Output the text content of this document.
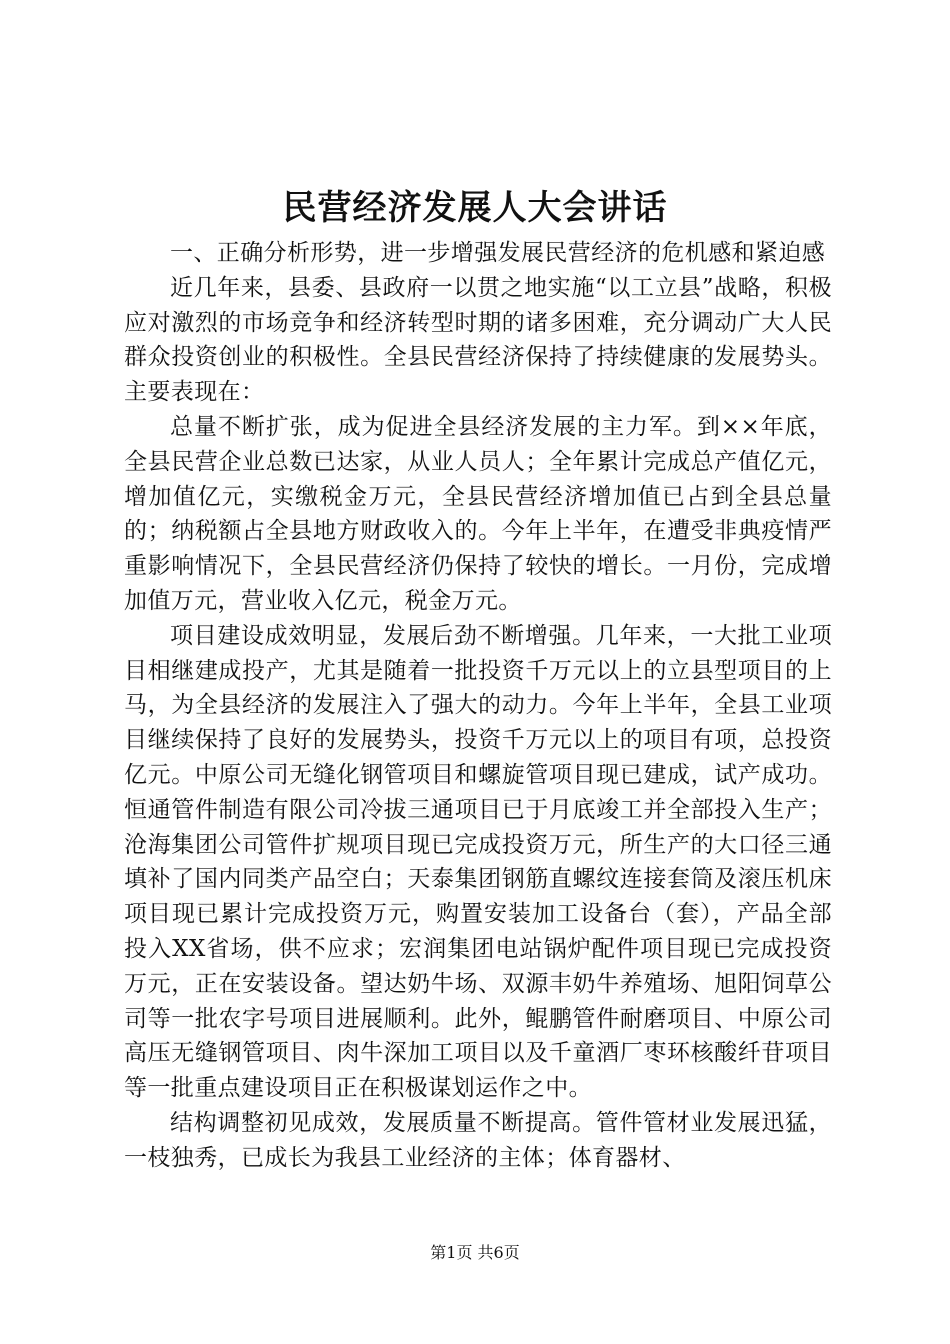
民营经济发展人大会讲话

一、正确分析形势，进一步增强发展民营经济的危机感和紧迫感

近几年来，县委、县政府一以贯之地实施“以工立县”战略，积极应对激烈的市场竞争和经济转型时期的诸多困难，充分调动广大人民群众投资创业的积极性。全县民营经济保持了持续健康的发展势头。主要表现在：

总量不断扩张，成为促进全县经济发展的主力军。到××年底，全县民营企业总数已达家，从业人员人；全年累计完成总产值亿元，增加值亿元，实缴税金万元，全县民营经济增加值已占到全县总量的；纳税额占全县地方财政收入的。今年上半年，在遭受非典疫情严重影响情况下，全县民营经济仍保持了较快的增长。一月份，完成增加值万元，营业收入亿元，税金万元。

项目建设成效明显，发展后劲不断增强。几年来，一大批工业项目相继建成投产，尤其是随着一批投资千万元以上的立县型项目的上马，为全县经济的发展注入了强大的动力。今年上半年，全县工业项目继续保持了良好的发展势头，投资千万元以上的项目有项，总投资亿元。中原公司无缝化钢管项目和螺旋管项目现已建成，试产成功。恒通管件制造有限公司冷拔三通项目已于月底竣工并全部投入生产；沧海集团公司管件扩规项目现已完成投资万元，所生产的大口径三通填补了国内同类产品空白；天泰集团钢筋直螺纹连接套筒及滚压机床项目现已累计完成投资万元，购置安装加工设备台（套），产品全部投入XX省场，供不应求；宏润集团电站锅炉配件项目现已完成投资万元，正在安装设备。望达奶牛场、双源丰奶牛养殖场、旭阳饲草公司等一批农字号项目进展顺利。此外，鲲鹏管件耐磨项目、中原公司高压无缝钢管项目、肉牛深加工项目以及千童酒厂枣环核酸纤苷项目等一批重点建设项目正在积极谋划运作之中。

结构调整初见成效，发展质量不断提高。管件管材业发展迅猛，一枝独秀，已成长为我县工业经济的主体；体育器材、

第1页 共6页
